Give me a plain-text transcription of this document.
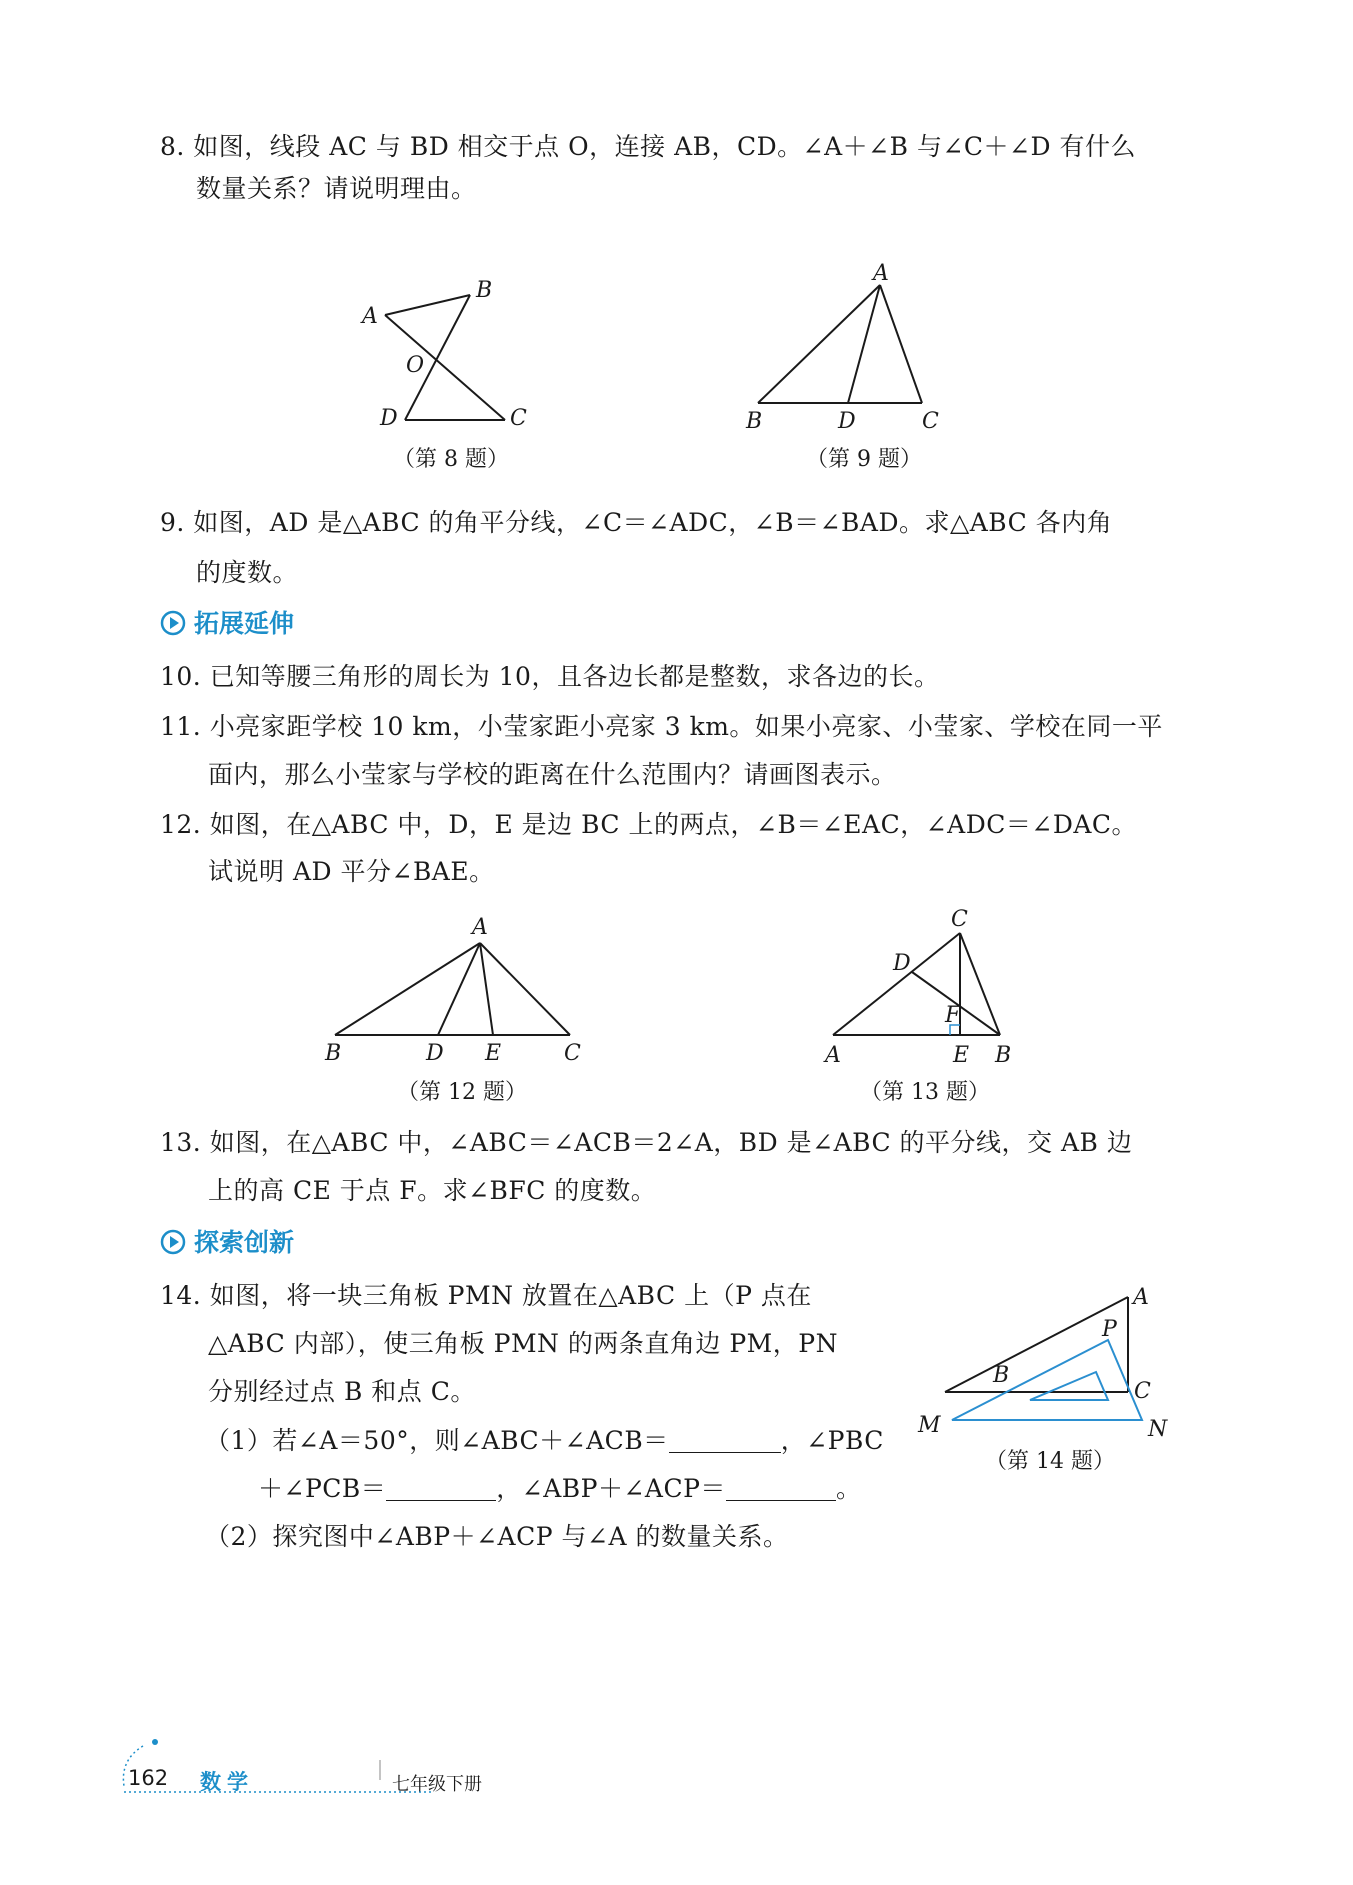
8. 如图，线段 AC 与 BD 相交于点 O，连接 AB，CD。∠A＋∠B 与∠C＋∠D 有什么
数量关系？请说明理由。
A
B
O
D	C
（第 8 题）
A
B	D	C
（第 9 题）
9. 如图，AD 是△ABC 的角平分线，∠C＝∠ADC，∠B＝∠BAD。求△ABC 各内角
的度数。
拓展延伸
10. 已知等腰三角形的周长为 10，且各边长都是整数，求各边的长。
11. 小亮家距学校 10 km，小莹家距小亮家 3 km。如果小亮家、小莹家、学校在同一平
面内，那么小莹家与学校的距离在什么范围内？请画图表示。
12. 如图，在△ABC 中，D，E 是边 BC 上的两点，∠B＝∠EAC，∠ADC＝∠DAC。
试说明 AD 平分∠BAE。
A
B	D E	C
（第 12 题）
C
D
F
A	E B
（第 13 题）
13. 如图，在△ABC 中，∠ABC＝∠ACB＝2∠A，BD 是∠ABC 的平分线，交 AB 边
上的高 CE 于点 F。求∠BFC 的度数。
探索创新
14. 如图，将一块三角板 PMN 放置在△ABC 上（P 点在
△ABC 内部），使三角板 PMN 的两条直角边 PM，PN
分别经过点 B 和点 C。
（1）若∠A＝50°，则∠ABC＋∠ACB＝	，∠PBC
＋∠PCB＝	，∠ABP＋∠ACP＝	。
（2）探究图中∠ABP＋∠ACP 与∠A 的数量关系。
A
P
B
C
M	N
（第 14 题）
162 数学	七年级下册
